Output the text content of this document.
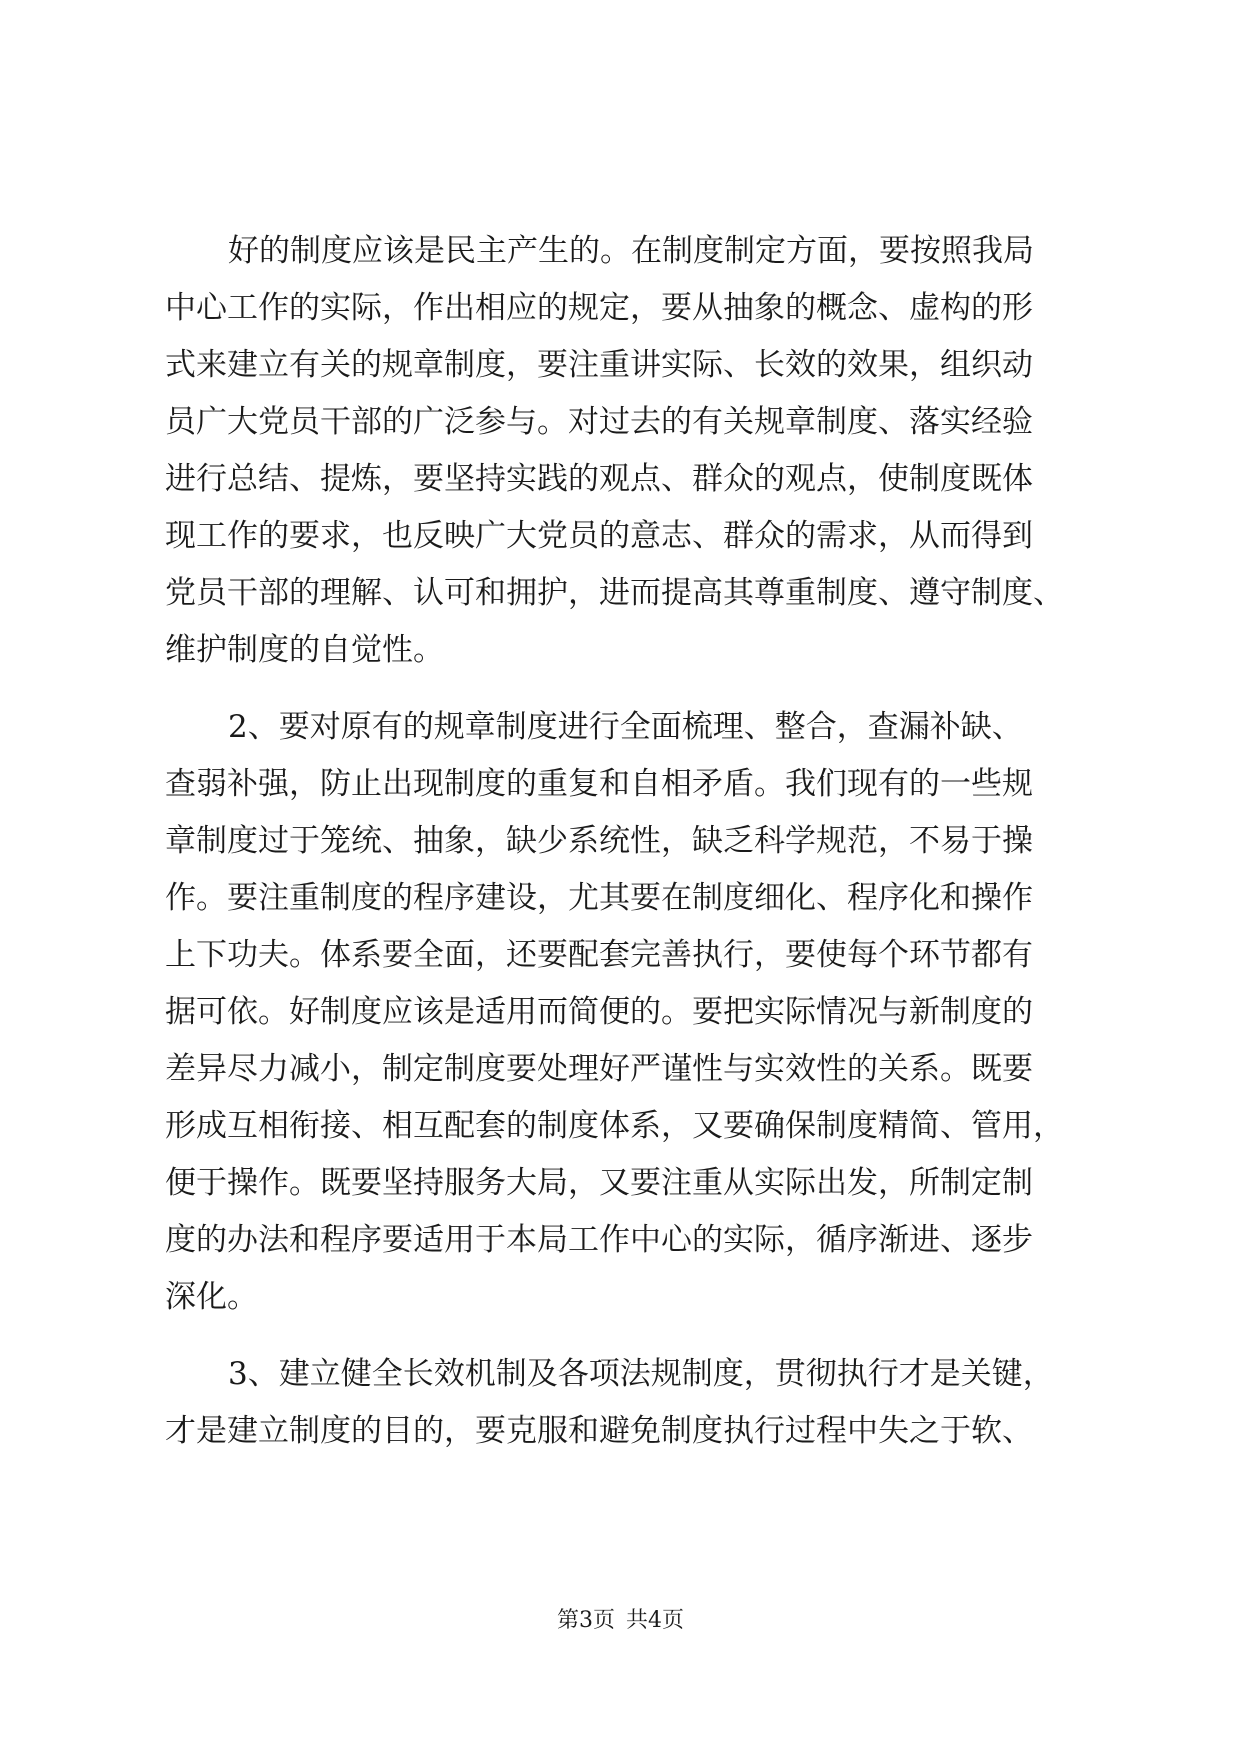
好的制度应该是民主产生的。在制度制定方面，要按照我局
中心工作的实际，作出相应的规定，要从抽象的概念、虚构的形
式来建立有关的规章制度，要注重讲实际、长效的效果，组织动
员广大党员干部的广泛参与。对过去的有关规章制度、落实经验
进行总结、提炼，要坚持实践的观点、群众的观点，使制度既体
现工作的要求，也反映广大党员的意志、群众的需求，从而得到
党员干部的理解、认可和拥护，进而提高其尊重制度、遵守制度、
维护制度的自觉性。

2、要对原有的规章制度进行全面梳理、整合，查漏补缺、
查弱补强，防止出现制度的重复和自相矛盾。我们现有的一些规
章制度过于笼统、抽象，缺少系统性，缺乏科学规范，不易于操
作。要注重制度的程序建设，尤其要在制度细化、程序化和操作
上下功夫。体系要全面，还要配套完善执行，要使每个环节都有
据可依。好制度应该是适用而简便的。要把实际情况与新制度的
差异尽力减小，制定制度要处理好严谨性与实效性的关系。既要
形成互相衔接、相互配套的制度体系，又要确保制度精简、管用，
便于操作。既要坚持服务大局，又要注重从实际出发，所制定制
度的办法和程序要适用于本局工作中心的实际，循序渐进、逐步
深化。

3、建立健全长效机制及各项法规制度，贯彻执行才是关键，
才是建立制度的目的，要克服和避免制度执行过程中失之于软、

第3页 共4页
